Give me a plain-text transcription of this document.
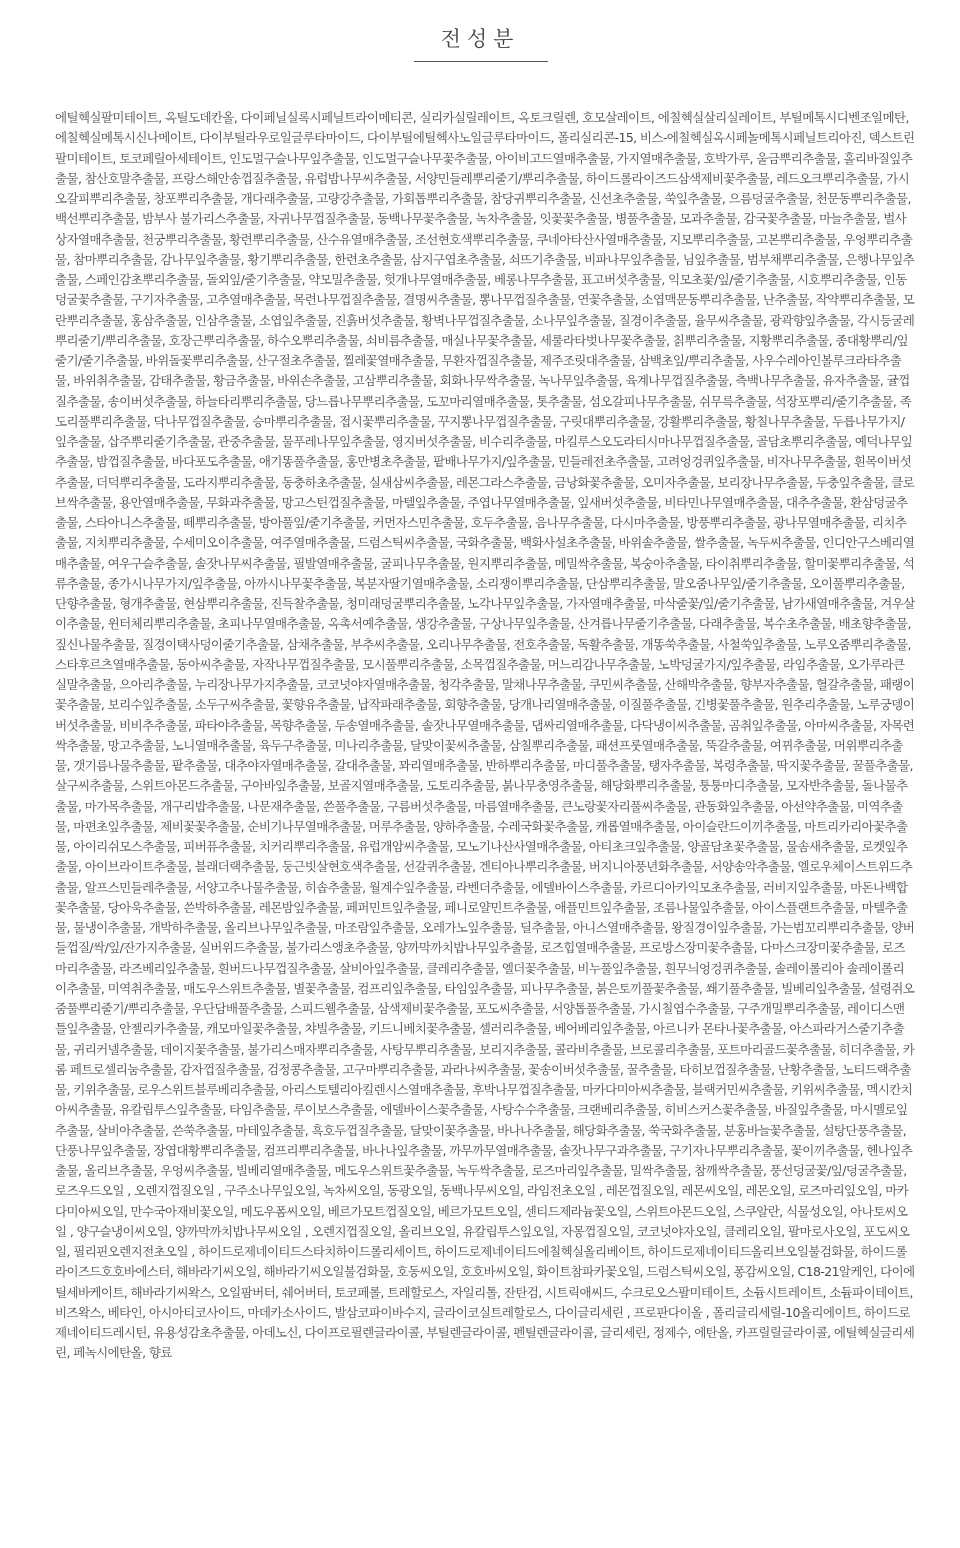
전성분

에틸헥실팔미테이트, 옥틸도데칸올, 다이페닐실록시페닐트라이메티콘, 실리카실릴레이트, 옥토크릴렌, 호모살레이트, 에칠헥실살리실레이트, 부틸메톡시디벤조일메탄, 에칠헥실메톡시신나메이트, 다이부틸라우로일글루타마이드, 다이부틸에틸헥사노일글루타마이드, 폴리실리콘-15, 비스-에칠헥실옥시페놀메톡시페닐트리아진, 덱스트린팔미테이트, 토코페릴아세테이트, 인도멀구슬나무잎추출물, 인도멀구슬나무꽃추출물, 아이비고드열매추출물, 가지열매추출물, 호박가루, 울금뿌리추출물, 홀리바질잎추출물, 참산호말추출물, 프랑스해안송껍질추출물, 유럽밤나무씨추출물, 서양민들레뿌리줄기/뿌리추출물, 하이드롤라이즈드삼색제비꽃추출물, 레드오크뿌리추출물, 가시오갈피뿌리추출물, 창포뿌리추출물, 개다래추출물, 고량강추출물, 가회톱뿌리추출물, 참당귀뿌리추출물, 신선초추출물, 쑥잎추출물, 으름덩굴추출물, 천문동뿌리추출물, 백선뿌리추출물, 밤부사 불가리스추출물, 자귀나무껍질추출물, 동백나무꽃추출물, 녹차추출물, 잇꽃꽃추출물, 병풀추출물, 모과추출물, 감국꽃추출물, 마늘추출물, 벌사상자열매추출물, 천궁뿌리추출물, 황련뿌리추출물, 산수유열매추출물, 조선현호색뿌리추출물, 쿠네아타산사열매추출물, 지모뿌리추출물, 고본뿌리추출물, 우엉뿌리추출물, 참마뿌리추출물, 감나무잎추출물, 황기뿌리추출물, 한련초추출물, 삼지구엽초추출물, 쇠뜨기추출물, 비파나무잎추출물, 님잎추출물, 범부채뿌리추출물, 은행나무잎추출물, 스페인감초뿌리추출물, 돌외잎/줄기추출물, 약모밀추출물, 헛개나무열매추출물, 베롱나무추출물, 표고버섯추출물, 익모초꽃/잎/줄기추출물, 시호뿌리추출물, 인동덩굴꽃추출물, 구기자추출물, 고추열매추출물, 목련나무껍질추출물, 결명씨추출물, 뽕나무껍질추출물, 연꽃추출물, 소엽맥문동뿌리추출물, 난추출물, 작약뿌리추출물, 모란뿌리추출물, 홍삼추출물, 인삼추출물, 소엽잎추출물, 진흙버섯추출물, 황벽나무껍질추출물, 소나무잎추출물, 질경이추출물, 율무씨추출물, 광곽향잎추출물, 각시등굴레뿌리줄기/뿌리추출물, 호장근뿌리추출물, 하수오뿌리추출물, 쇠비름추출물, 매실나무꽃추출물, 세룰라타벚나무꽃추출물, 칡뿌리추출물, 지황뿌리추출물, 종대황뿌리/잎줄기/줄기추출물, 바위돌꽃뿌리추출물, 산구절초추출물, 찔레꽃열매추출물, 무환자껍질추출물, 제주조릿대추출물, 삼백초잎/뿌리추출물, 사우수레아인볼루크라타추출물, 바위취추출물, 감태추출물, 황금추출물, 바위손추출물, 고삼뿌리추출물, 회화나무싹추출물, 녹나무잎추출물, 육계나무껍질추출물, 측백나무추출물, 유자추출물, 귤껍질추출물, 송이버섯추출물, 하늘타리뿌리추출물, 당느릅나무뿌리추출물, 도꼬마리열매추출물, 톳추출물, 섬오갈피나무추출물, 쉬무륵추출물, 석장포뿌리/줄기추출물, 족도리풀뿌리추출물, 닥나무껍질추출물, 승마뿌리추출물, 접시꽃뿌리추출물, 꾸지뽕나무껍질추출물, 구릿대뿌리추출물, 강활뿌리추출물, 황칠나무추출물, 두릅나무가지/잎추출물, 삽주뿌리줄기추출물, 관중추출물, 물푸레나무잎추출물, 영지버섯추출물, 비수리추출물, 마킬루스오도라티시마나무껍질추출물, 골담초뿌리추출물, 예덕나무잎추출물, 밤껍질추출물, 바다포도추출물, 애기똥풀추출물, 홍만병초추출물, 팥배나무가지/잎추출물, 민들레전초추출물, 고려엉겅퀴잎추출물, 비자나무추출물, 흰목이버섯추출물, 더덕뿌리추출물, 도라지뿌리추출물, 동충하초추출물, 실새삼씨추출물, 레몬그라스추출물, 금낭화꽃추출물, 오미자추출물, 보리장나무추출물, 두충잎추출물, 클로브싹추출물, 용안열매추출물, 무화과추출물, 망고스틴껍질추출물, 마텔잎추출물, 주엽나무열매추출물, 잎새버섯추출물, 비타민나무열매추출물, 대추추출물, 환삼덩굴추출물, 스타아니스추출물, 떼뿌리추출물, 방아풀잎/줄기추출물, 커먼자스민추출물, 호두추출물, 음나무추출물, 다시마추출물, 방풍뿌리추출물, 광나무열매추출물, 리치추출물, 지치뿌리추출물, 수세미오이추출물, 여주열매추출물, 드럼스틱씨추출물, 국화추출물, 백화사설초추출물, 바위솔추출물, 쌀추출물, 녹두씨추출물, 인디안구스베리열매추출물, 여우구슬추출물, 솔잣나무씨추출물, 필발열매추출물, 굴피나무추출물, 원지뿌리추출물, 메밀싹추출물, 복숭아추출물, 타이취뿌리추출물, 할미꽃뿌리추출물, 석류추출물, 종가시나무가지/잎추출물, 아까시나무꽃추출물, 복분자딸기열매추출물, 소리쟁이뿌리추출물, 단삼뿌리추출물, 말오줌나무잎/줄기추출물, 오이풀뿌리추출물, 단향추출물, 형개추출물, 현삼뿌리추출물, 진득찰추출물, 청미래덩굴뿌리추출물, 노각나무잎추출물, 가자열매추출물, 마삭줄꽃/잎/줄기추출물, 남가새열매추출물, 겨우살이추출물, 윈터체리뿌리추출물, 초피나무열매추출물, 옥촉서예추출물, 생강추출물, 구상나무잎추출물, 산겨릅나무줄기추출물, 다래추출물, 복수초추출물, 배초향추출물, 짚신나물추출물, 질경이택사덩이줄기추출물, 삼채추출물, 부추씨추출물, 오리나무추출물, 전호추출물, 독활추출물, 개똥쑥추출물, 사철쑥잎추출물, 노루오줌뿌리추출물, 스타후르츠열매추출물, 동아씨추출물, 자작나무껍질추출물, 모시풀뿌리추출물, 소목껍질추출물, 머느리감나무추출물, 노박덩굴가지/잎추출물, 라임추출물, 오가루라큰실말추출물, 으아리추출물, 누리장나무가지추출물, 코코넛야자열매추출물, 청각추출물, 말채나무추출물, 쿠민씨추출물, 산해박추출물, 향부자추출물, 혈갈추출물, 패랭이꽃추출물, 보리수잎추출물, 소두구씨추출물, 꽃향유추출물, 납작파래추출물, 회향추출물, 당개나리열매추출물, 이질풀추출물, 긴병꽃풀추출물, 원추리추출물, 노루궁뎅이버섯추출물, 비비추추출물, 파타야추출물, 목향추출물, 두송열매추출물, 솔잣나무열매추출물, 댑싸리열매추출물, 다닥냉이씨추출물, 곰취잎추출물, 아마씨추출물, 자목련싹추출물, 망고추출물, 노니열매추출물, 육두구추출물, 미나리추출물, 달맞이꽃씨추출물, 삼칠뿌리추출물, 패션프룻열매추출물, 뚝갈추출물, 여뀌추출물, 머위뿌리추출물, 갯기름나물추출물, 팥추출물, 대추야자열매추출물, 갈대추출물, 꽈리열매추출물, 반하뿌리추출물, 마디풀추출물, 탱자추출물, 복령추출물, 딱지꽃추출물, 꿀풀추출물, 살구씨추출물, 스위트아몬드추출물, 구아바잎추출물, 보골지열매추출물, 도토리추출물, 붉나무충영추출물, 해당화뿌리추출물, 퉁퉁마디추출물, 모자반추출물, 돌나물추출물, 마가목추출물, 개구리밥추출물, 나문재추출물, 쓴풀추출물, 구름버섯추출물, 마름열매추출물, 큰노랑꽃자리풀씨추출물, 관동화잎추출물, 아선약추출물, 미역추출물, 마편초잎추출물, 제비꽃꽃추출물, 순비기나무열매추출물, 머루추출물, 양하추출물, 수레국화꽃추출물, 캐롭열매추출물, 아이슬란드이끼추출물, 마트리카리아꽃추출물, 아이리쉬모스추출물, 피버퓨추출물, 치커리뿌리추출물, 유럽개암씨추출물, 모노기나산사열매추출물, 아티초크잎추출물, 양골담초꽃추출물, 물솜새추출물, 로켓잎추출물, 아이브라이트추출물, 블래더랙추출물, 둥근빗살현호색추출물, 선갈퀴추출물, 겐티아나뿌리추출물, 버지니아풍년화추출물, 서양송악추출물, 엘로우체이스트위드추출물, 알프스민들레추출물, 서양고추나물추출물, 히솝추출물, 월계수잎추출물, 라벤더추출물, 에델바이스추출물, 카르디아카익모초추출물, 러비지잎추출물, 마돈나백합꽃추출물, 당아욱추출물, 쓴박하추출물, 레몬밤잎추출물, 페퍼민트잎추출물, 페니로얄민트추출물, 애플민트잎추출물, 조름나물잎추출물, 아이스플랜트추출물, 마텔추출물, 물냉이추출물, 개박하추출물, 올리브나무잎추출물, 마조람잎추출물, 오레가노잎추출물, 딜추출물, 아니스열매추출물, 왕질경이잎추출물, 가는범꼬리뿌리추출물, 양버들껍질/싹/잎/잔가지추출물, 실버위드추출물, 불가리스앵초추출물, 양까막까치밥나무잎추출물, 로즈힙열매추출물, 프로방스장미꽃추출물, 다마스크장미꽃추출물, 로즈마리추출물, 라즈베리잎추출물, 흰버드나무껍질추출물, 살비아잎추출물, 클레리추출물, 엘더꽃추출물, 비누풀잎추출물, 흰무늬엉겅퀴추출물, 솔레이롤리아 솔레이롤리이추출물, 미역취추출물, 매도우스위트추출물, 별꽃추출물, 컴프리잎추출물, 타임잎추출물, 피나무추출물, 붉은토끼풀꽃추출물, 쐐기풀추출물, 빌베리잎추출물, 설령쥐오줌풀뿌리줄기/뿌리추출물, 우단담배풀추출물, 스피드웰추출물, 삼색제비꽃추출물, 포도씨추출물, 서양톱풀추출물, 가시칠엽수추출물, 구주개밀뿌리추출물, 레이디스맨틀잎추출물, 안젤리카추출물, 캐모마일꽃추출물, 챠빌추출물, 키드니베치꽃추출물, 셀러리추출물, 베어베리잎추출물, 아르니카 몬타나꽃추출물, 아스파라거스줄기추출물, 귀리커넬추출물, 데이지꽃추출물, 불가리스매자뿌리추출물, 사탕무뿌리추출물, 보리지추출물, 콜라비추출물, 브로콜리추출물, 포트마리골드꽃추출물, 히더추출물, 카롬 페트로셀리눔추출물, 감자껍질추출물, 검정콩추출물, 고구마뿌리추출물, 과라나씨추출물, 꽃송이버섯추출물, 꿀추출물, 타히보껍질추출물, 난황추출물, 노티드랙추출물, 키위추출물, 로우스위트블루베리추출물, 아리스토텔리아킬렌시스열매추출물, 후박나무껍질추출물, 마카다미아씨추출물, 블랙커민씨추출물, 키위씨추출물, 멕시칸치아씨추출물, 유칼립투스잎추출물, 타임추출물, 루이보스추출물, 에델바이스꽃추출물, 사탕수수추출물, 크랜베리추출물, 히비스커스꽃추출물, 바질잎추출물, 마시멜로잎추출물, 살비아추출물, 쓴쑥추출물, 마테잎추출물, 흑호두껍질추출물, 달맞이꽃추출물, 바나나추출물, 해당화추출물, 쑥국화추출물, 분홍바늘꽃추출물, 설탕단풍추출물, 단풍나무잎추출물, 장엽대황뿌리추출물, 컴프리뿌리추출물, 바나나잎추출물, 까무까무열매추출물, 솔잣나무구과추출물, 구기자나무뿌리추출물, 꽃이끼추출물, 헨나잎추출물, 올리브추출물, 우엉씨추출물, 빌베리열매추출물, 메도우스위트꽃추출물, 녹두싹추출물, 로즈마리잎추출물, 밀싹추출물, 참깨싹추출물, 풍선덩굴꽃/잎/덩굴추출물, 로즈우드오일 , 오렌지껍질오일 , 구주소나무잎오일, 녹차씨오일, 동광오일, 동백나무씨오일, 라임전초오일 , 레몬껍질오일, 레몬씨오일, 레몬오일, 로즈마리잎오일, 마카다미아씨오일, 만수국아재비꽃오일, 메도우폼씨오일, 베르가모트껍질오일, 베르가모트오일, 센티드제라늄꽃오일, 스위트아몬드오일, 스쿠알란, 식물성오일, 아나토씨오일 , 양구슬냉이씨오일, 양까막까치밥나무씨오일 , 오렌지껍질오일, 올리브오일, 유칼립투스잎오일, 자몽껍질오일, 코코넛야자오일, 클레리오일, 팔마로사오일, 포도씨오일, 필리핀오렌지전초오일 , 하이드로제네이티드스타치하이드롤리세이트, 하이드로제네이티드에칠헥실올리베이트, 하이드로제네이티드올리브오일불검화물, 하이드롤라이즈드호호바에스터, 해바라기씨오일, 해바라기씨오일불검화물, 호동씨오일, 호호바씨오일, 화이트참파카꽃오일, 드럼스틱씨오일, 퐁감씨오일, C18-21알케인, 다이에틸세바케이트, 해바라기씨왁스, 오일팜버터, 쉐어버터, 토코페롤, 트레할로스, 자일리톨, 잔탄검, 시트릭애씨드, 수크로오스팔미테이트, 소듐시트레이트, 소듐파이테이트, 비즈왁스, 베타인, 아시아티코사이드, 마데카소사이드, 발삼코파이바수지, 글라이코실트레할로스, 다이글리세린 , 프로판다이올 , 폴리글리세릴-10올리에이트, 하이드로제네이티드레시틴, 유용성감초추출물, 아데노신, 다이프로필렌글라이콜, 부틸렌글라이콜, 펜틸렌글라이콜, 글리세린, 정제수, 에탄올, 카프릴릴글라이콜, 에틸헥실글리세린, 페녹시에탄올, 향료
